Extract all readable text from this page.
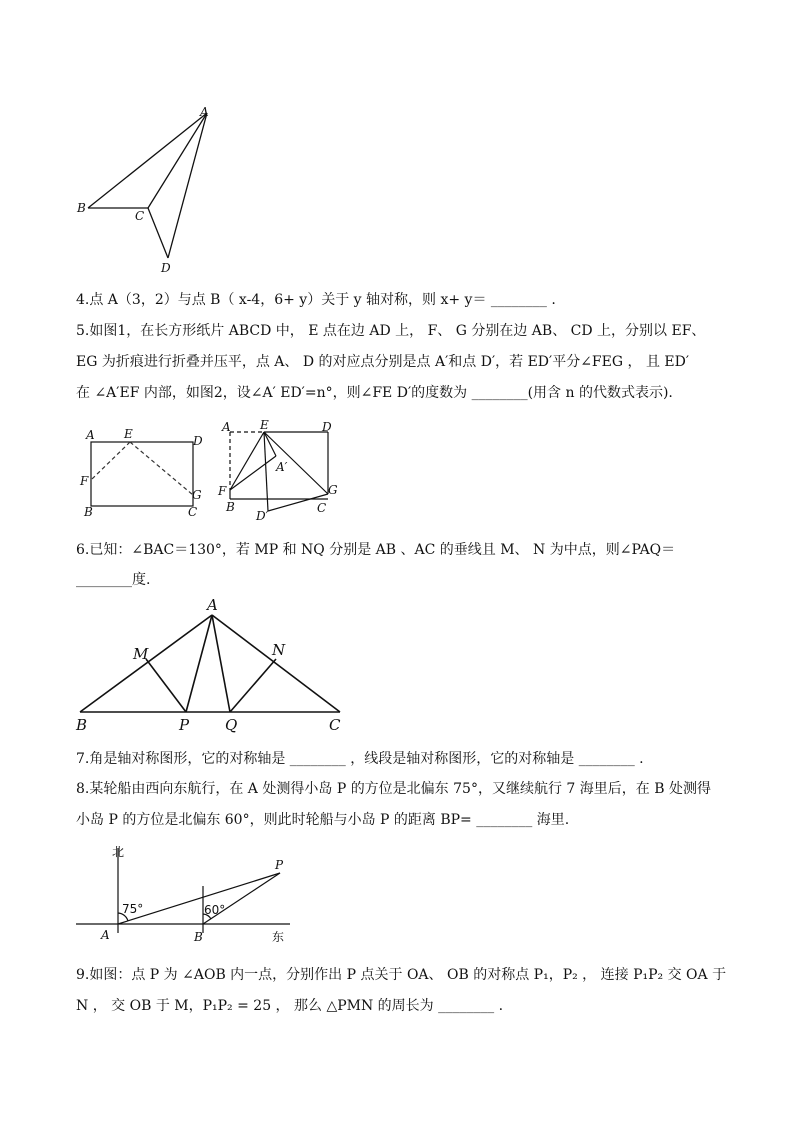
A
B
C
D
4.点 A（3，2）与点 B（ x-4，6+ y）关于 y 轴对称，则 x+ y＝ ________ .
5.如图1，在长方形纸片 ABCD 中， E 点在边 AD 上， F、 G 分别在边 AB、 CD 上，分别以 EF、
EG 为折痕进行折叠并压平，点 A、 D 的对应点分别是点 A′和点 D′，若 ED′平分∠FEG ， 且 ED′
在 ∠A′EF 内部，如图2，设∠A′ ED′=n°，则∠FE D′的度数为 ________(用含 n 的代数式表示).
A E	D
F
G
B	C
A E	D
A′
F	G
B
D′
C
6.已知：∠BAC＝130°，若 MP 和 NQ 分别是 AB 、AC 的垂线且 M、 N 为中点，则∠PAQ＝
________度.
A
M	N
B	P Q	C
7.角是轴对称图形，它的对称轴是 ________ ，线段是轴对称图形，它的对称轴是 ________ .
8.某轮船由西向东航行，在 A 处测得小岛 P 的方位是北偏东 75°，又继续航行 7 海里后，在 B 处测得
小岛 P 的方位是北偏东 60°，则此时轮船与小岛 P 的距离 BP= ________ 海里.
北
75°	60°
P
A	B	东
9.如图：点 P 为 ∠AOB 内一点，分别作出 P 点关于 OA、 OB 的对称点 P₁，P₂ ， 连接 P₁P₂ 交 OA 于
N ， 交 OB 于 M，P₁P₂ = 25 ， 那么 △PMN 的周长为 ________ .
